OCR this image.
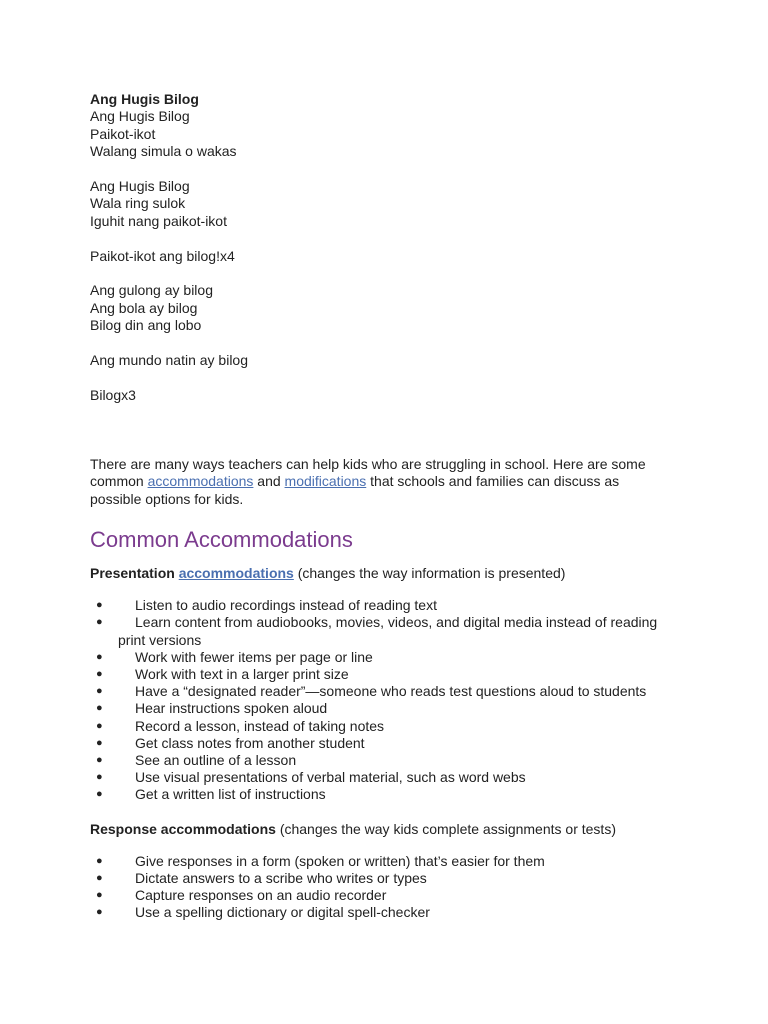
Ang Hugis Bilog
Ang Hugis Bilog
Paikot-ikot
Walang simula o wakas
Ang Hugis Bilog
Wala ring sulok
Iguhit nang paikot-ikot
Paikot-ikot ang bilog!x4
Ang gulong ay bilog
Ang bola ay bilog
Bilog din ang lobo
Ang mundo natin ay bilog
Bilogx3
There are many ways teachers can help kids who are struggling in school. Here are some common accommodations and modifications that schools and families can discuss as possible options for kids.
Common Accommodations
Presentation accommodations (changes the way information is presented)
● Listen to audio recordings instead of reading text
● Learn content from audiobooks, movies, videos, and digital media instead of reading
print versions
● Work with fewer items per page or line
● Work with text in a larger print size
● Have a “designated reader”—someone who reads test questions aloud to students
● Hear instructions spoken aloud
● Record a lesson, instead of taking notes
● Get class notes from another student
● See an outline of a lesson
● Use visual presentations of verbal material, such as word webs
● Get a written list of instructions
Response accommodations (changes the way kids complete assignments or tests)
● Give responses in a form (spoken or written) that’s easier for them
● Dictate answers to a scribe who writes or types
● Capture responses on an audio recorder
● Use a spelling dictionary or digital spell-checker
